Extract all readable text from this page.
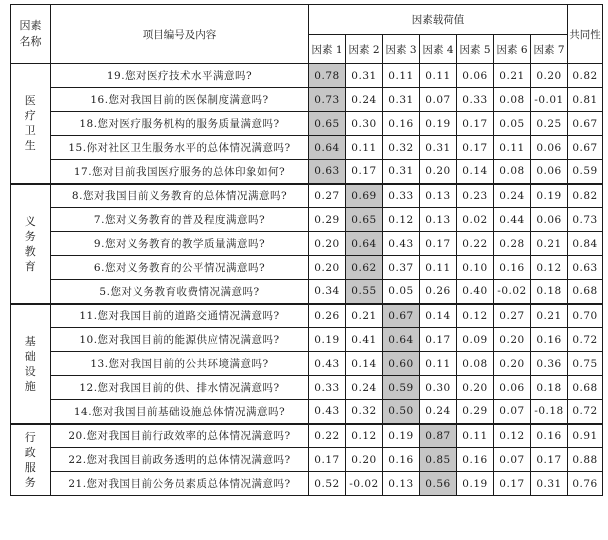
因素
名称	项目编号及内容	因素载荷值							共同性
		因素 1	因素 2	因素 3	因素 4	因素 5	因素 6	因素 7	

医
疗
卫
生	19.您对医疗技术水平满意吗?	0.78	0.31	0.11	0.11	0.06	0.21	0.20	0.82
	16.您对我国目前的医保制度满意吗?	0.73	0.24	0.31	0.07	0.33	0.08	-0.01	0.81
	18.您对医疗服务机构的服务质量满意吗?	0.65	0.30	0.16	0.19	0.17	0.05	0.25	0.67
	15.你对社区卫生服务水平的总体情况满意吗?	0.64	0.11	0.32	0.31	0.17	0.11	0.06	0.67
	17.您对目前我国医疗服务的总体印象如何?	0.63	0.17	0.31	0.20	0.14	0.08	0.06	0.59

义
务
教
育	8.您对我国目前义务教育的总体情况满意吗?	0.27	0.69	0.33	0.13	0.23	0.24	0.19	0.82
	7.您对义务教育的普及程度满意吗?	0.29	0.65	0.12	0.13	0.02	0.44	0.06	0.73
	9.您对义务教育的教学质量满意吗?	0.20	0.64	0.43	0.17	0.22	0.28	0.21	0.84
	6.您对义务教育的公平情况满意吗?	0.20	0.62	0.37	0.11	0.10	0.16	0.12	0.63
	5.您对义务教育收费情况满意吗?	0.34	0.55	0.05	0.26	0.40	-0.02	0.18	0.68

基
础
设
施	11.您对我国目前的道路交通情况满意吗?	0.26	0.21	0.67	0.14	0.12	0.27	0.21	0.70
	10.您对我国目前的能源供应情况满意吗?	0.19	0.41	0.64	0.17	0.09	0.20	0.16	0.72
	13.您对我国目前的公共环境满意吗?	0.43	0.14	0.60	0.11	0.08	0.20	0.36	0.75
	12.您对我国目前的供、排水情况满意吗?	0.33	0.24	0.59	0.30	0.20	0.06	0.18	0.68
	14.您对我国目前基础设施总体情况满意吗?	0.43	0.32	0.50	0.24	0.29	0.07	-0.18	0.72

行
政
服
务	20.您对我国目前行政效率的总体情况满意吗?	0.22	0.12	0.19	0.87	0.11	0.12	0.16	0.91
	22.您对我国目前政务透明的总体情况满意吗?	0.17	0.20	0.16	0.85	0.16	0.07	0.17	0.88
	21.您对我国目前公务员素质总体情况满意吗?	0.52	-0.02	0.13	0.56	0.19	0.17	0.31	0.76
